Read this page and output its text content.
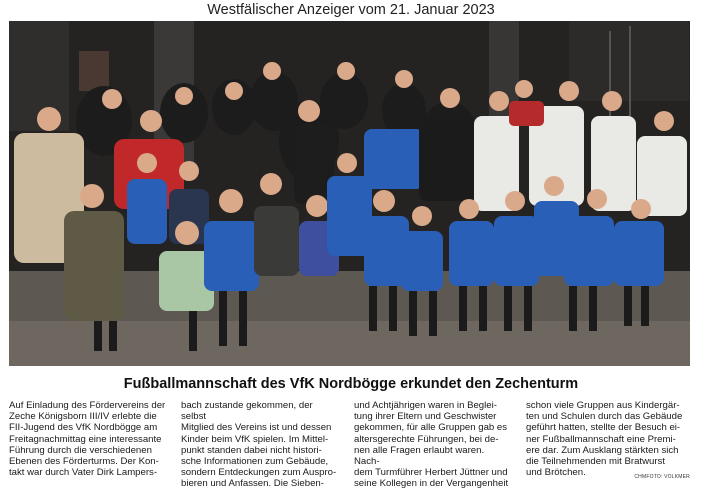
Westfälischer Anzeiger vom 21. Januar 2023
Fußballmannschaft des VfK Nordbögge erkundet den Zechenturm
Auf Einladung des Fördervereins der
Zeche Königsborn III/IV erlebte die
FII-Jugend des VfK Nordbögge am
Freitagnachmittag eine interessante
Führung durch die verschiedenen
Ebenen des Förderturms. Der Kon-
takt war durch Vater Dirk Lampers-
bach zustande gekommen, der selbst
Mitglied des Vereins ist und dessen
Kinder beim VfK spielen. Im Mittel-
punkt standen dabei nicht histori-
sche Informationen zum Gebäude,
sondern Entdeckungen zum Auspro-
bieren und Anfassen. Die Sieben-
und Achtjährigen waren in Beglei-
tung ihrer Eltern und Geschwister
gekommen, für alle Gruppen gab es
altersgerechte Führungen, bei de-
nen alle Fragen erlaubt waren. Nach-
dem Turmführer Herbert Jüttner und
seine Kollegen in der Vergangenheit
schon viele Gruppen aus Kindergär-
ten und Schulen durch das Gebäude
geführt hatten, stellte der Besuch ei-
ner Fußballmannschaft eine Premi-
ere dar. Zum Ausklang stärkten sich
die Teilnehmenden mit Bratwurst
und Brötchen.	CHMFOTO: VOLKMER
